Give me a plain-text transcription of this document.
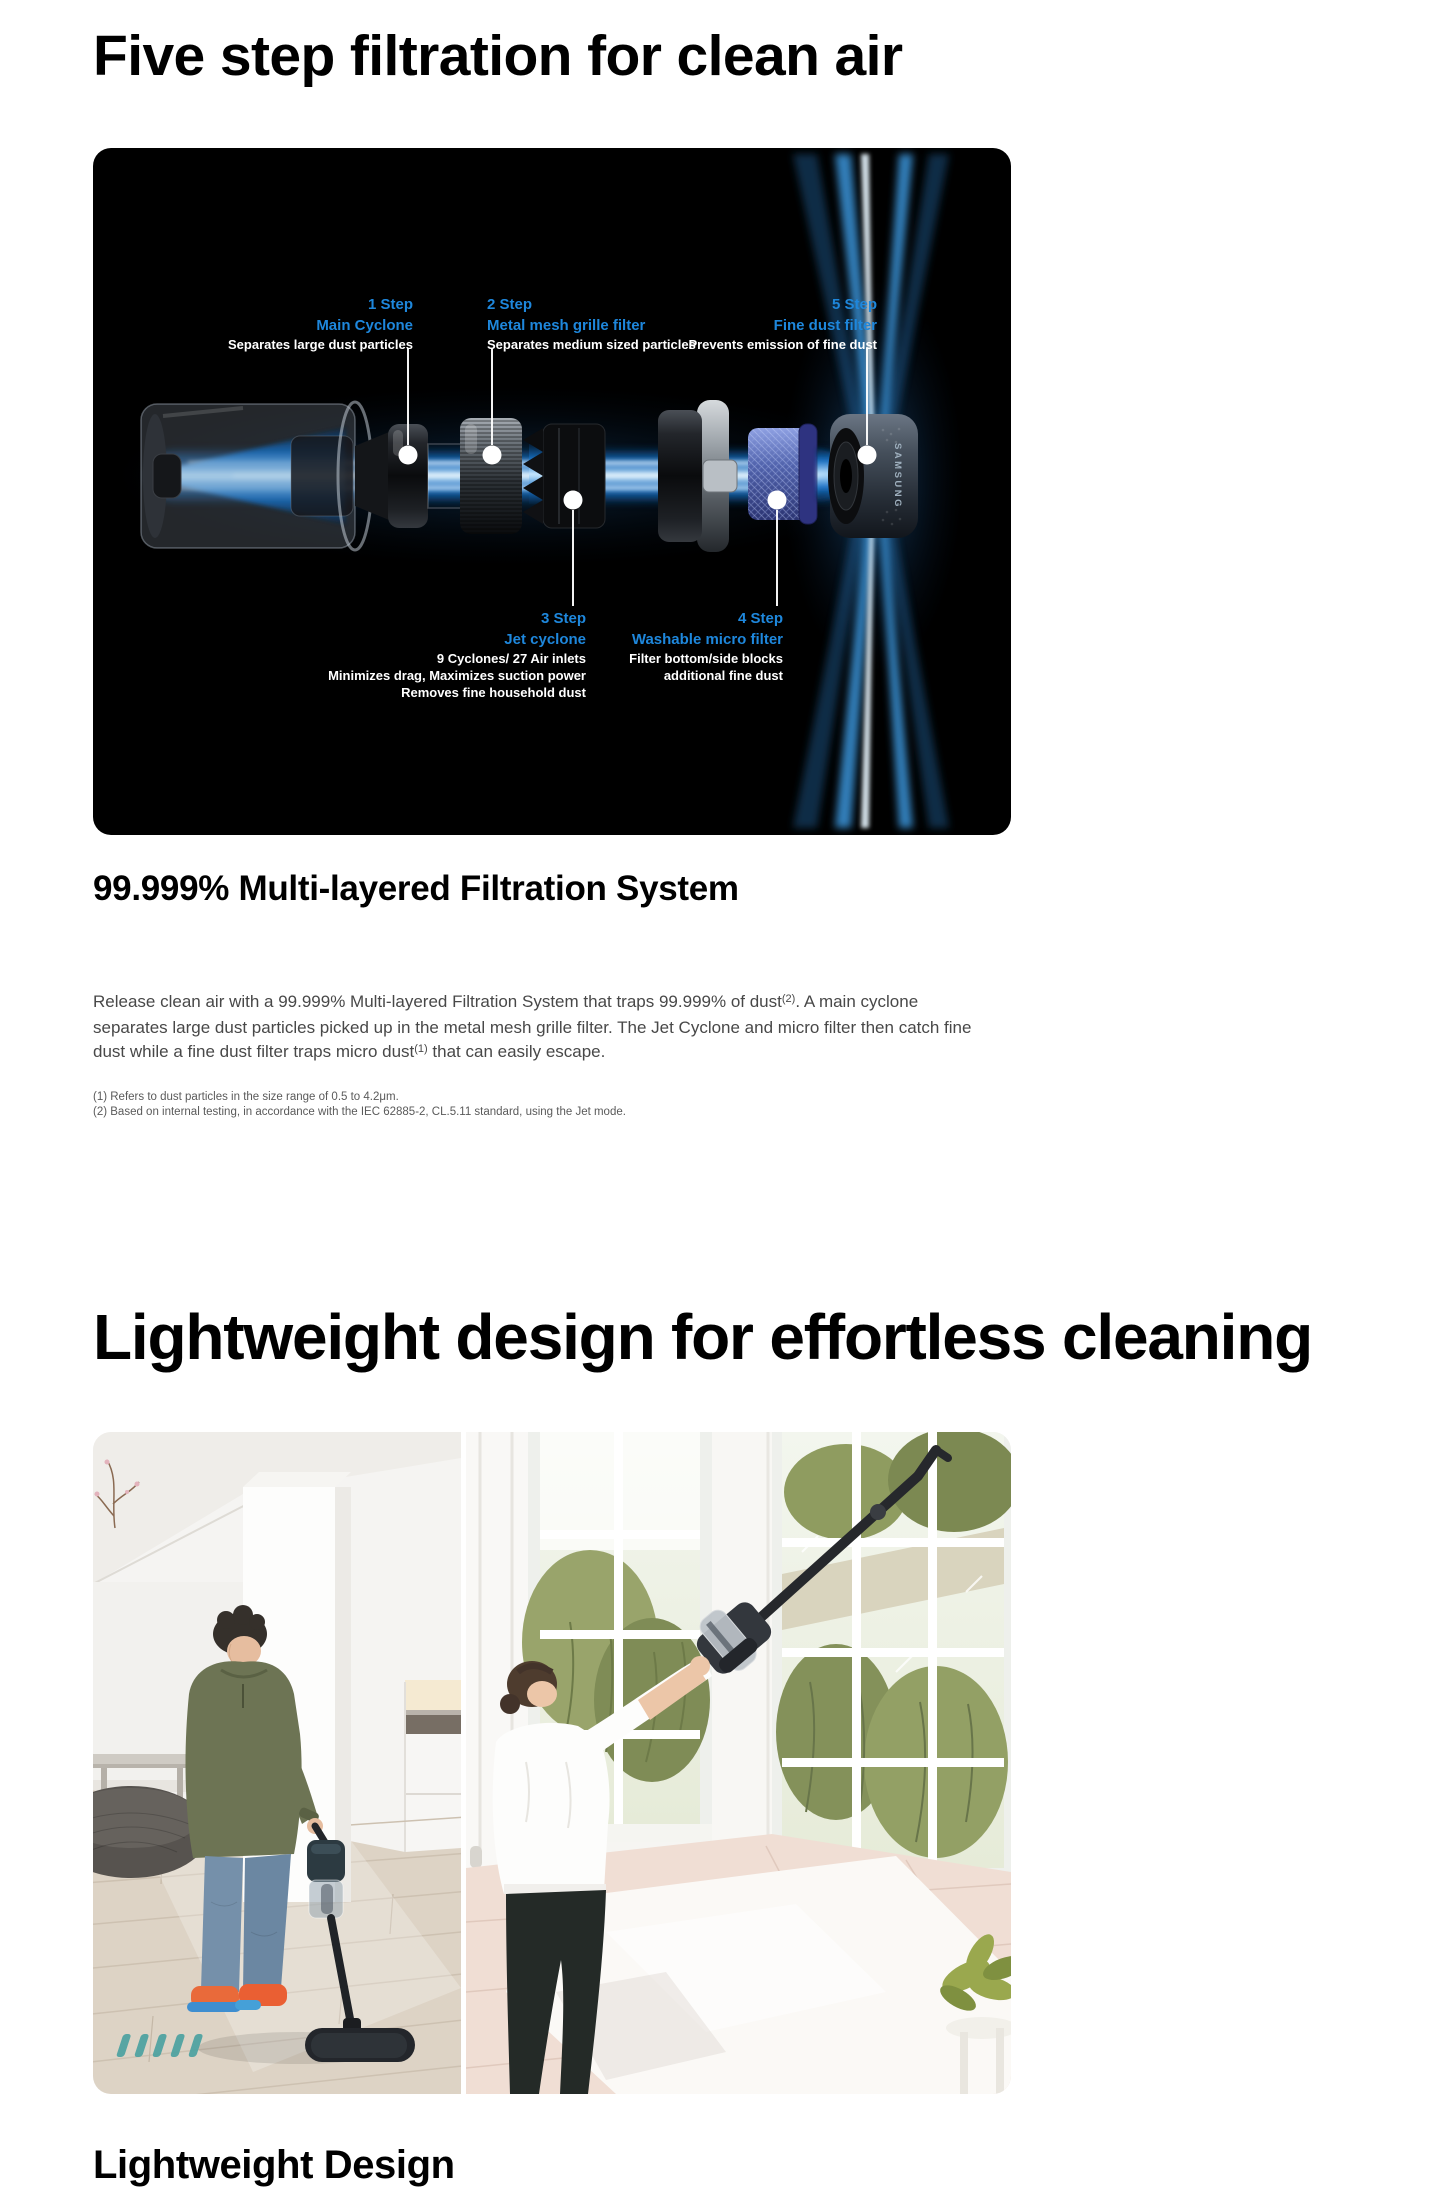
Five step filtration for clean air
SAMSUNG
1 Step
Main Cyclone
Separates large dust particles
2 Step
Metal mesh grille filter
Separates medium sized particles
5 Step
Fine dust filter
Prevents emission of fine dust
3 Step
Jet cyclone
9 Cyclones/ 27 Air inlets
Minimizes drag, Maximizes suction power
Removes fine household dust
4 Step
Washable micro filter
Filter bottom/side blocks
additional fine dust
99.999% Multi-layered Filtration System

Release clean air with a 99.999% Multi-layered Filtration System that traps 99.999% of dust$^{(2)}$. A main cyclone separates large dust particles picked up in the metal mesh grille filter. The Jet Cyclone and micro filter then catch fine dust while a fine dust filter traps micro dust$^{(1)}$ that can easily escape.

(1) Refers to dust particles in the size range of 0.5 to 4.2μm.
(2) Based on internal testing, in accordance with the IEC 62885-2, CL.5.11 standard, using the Jet mode.
Lightweight design for effortless cleaning
Lightweight Design
